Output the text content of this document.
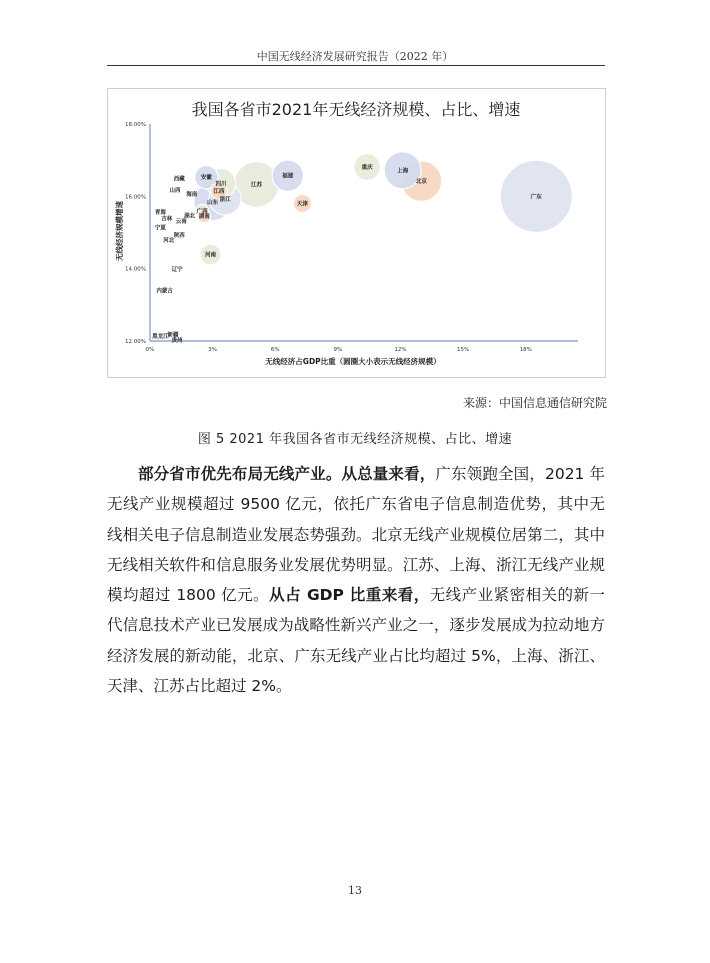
中国无线经济发展研究报告（2022 年）
我国各省市2021年无线经济规模、占比、增速
0%	3%	6%	9%	12%	15%	18%
12.00%
14.00%
16.00%
18.00%
广东
江苏
北京
山东
上海
浙江
福建
四川
重庆
安徽
河南
天津
江西
广西
湖南
西藏
山西
海南
湖北
青海
吉林 云南
宁夏
陕西
河北
辽宁
内蒙古
黑龙江
新疆
贵州
无线经济占GDP比重（圆圈大小表示无线经济规模）
无线经济规模增速
来源：中国信息通信研究院
图 5 2021 年我国各省市无线经济规模、占比、增速

部分省市优先布局无线产业。从总量来看，广东领跑全国，2021 年无线产业规模超过 9500 亿元，依托广东省电子信息制造优势，其中无线相关电子信息制造业发展态势强劲。北京无线产业规模位居第二，其中无线相关软件和信息服务业发展优势明显。江苏、上海、浙江无线产业规模均超过 1800 亿元。从占 GDP 比重来看，无线产业紧密相关的新一代信息技术产业已发展成为战略性新兴产业之一，逐步发展成为拉动地方经济发展的新动能，北京、广东无线产业占比均超过 5%，上海、浙江、天津、江苏占比超过 2%。

13
